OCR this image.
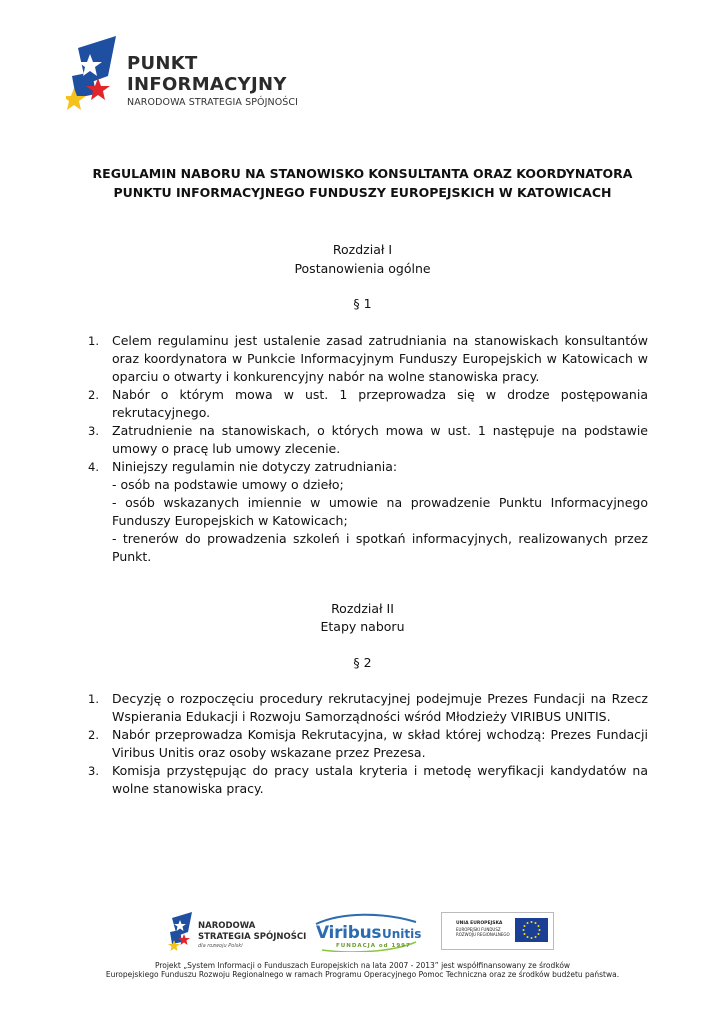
PUNKT
INFORMACYJNY
NARODOWA STRATEGIA SPÓJNOŚCI
REGULAMIN NABORU NA STANOWISKO KONSULTANTA ORAZ KOORDYNATORA
PUNKTU INFORMACYJNEGO FUNDUSZY EUROPEJSKICH W KATOWICACH
Rozdział I
Postanowienia ogólne
§ 1
1. Celem regulaminu jest ustalenie zasad zatrudniania na stanowiskach konsultantów oraz koordynatora w Punkcie Informacyjnym Funduszy Europejskich w Katowicach w oparciu o otwarty i konkurencyjny nabór na wolne stanowiska pracy.
2. Nabór o którym mowa w ust. 1 przeprowadza się w drodze postępowania rekrutacyjnego.
3. Zatrudnienie na stanowiskach, o których mowa w ust. 1 następuje na podstawie umowy o pracę lub umowy zlecenie.
4. Niniejszy regulamin nie dotyczy zatrudniania:

- osób na podstawie umowy o dzieło;

- osób wskazanych imiennie w umowie na prowadzenie Punktu Informacyjnego Funduszy Europejskich w Katowicach;

- trenerów do prowadzenia szkoleń i spotkań informacyjnych, realizowanych przez Punkt.

Rozdział II
Etapy naboru
§ 2
1. Decyzję o rozpoczęciu procedury rekrutacyjnej podejmuje Prezes Fundacji na Rzecz Wspierania Edukacji i Rozwoju Samorządności wśród Młodzieży VIRIBUS UNITIS.
2. Nabór przeprowadza Komisja Rekrutacyjna, w skład której wchodzą: Prezes Fundacji Viribus Unitis oraz osoby wskazane przez Prezesa.
3. Komisja przystępując do pracy ustala kryteria i metodę weryfikacji kandydatów na wolne stanowiska pracy.
NARODOWA
STRATEGIA SPÓJNOŚCI
dla rozwoju Polski
Viribus Unitis
FUNDACJA od 1997
UNIA EUROPEJSKA
EUROPEJSKI FUNDUSZ
ROZWOJU REGIONALNEGO
Projekt „System Informacji o Funduszach Europejskich na lata 2007 - 2013” jest współfinansowany ze środków
Europejskiego Funduszu Rozwoju Regionalnego w ramach Programu Operacyjnego Pomoc Techniczna oraz ze środków budżetu państwa.
